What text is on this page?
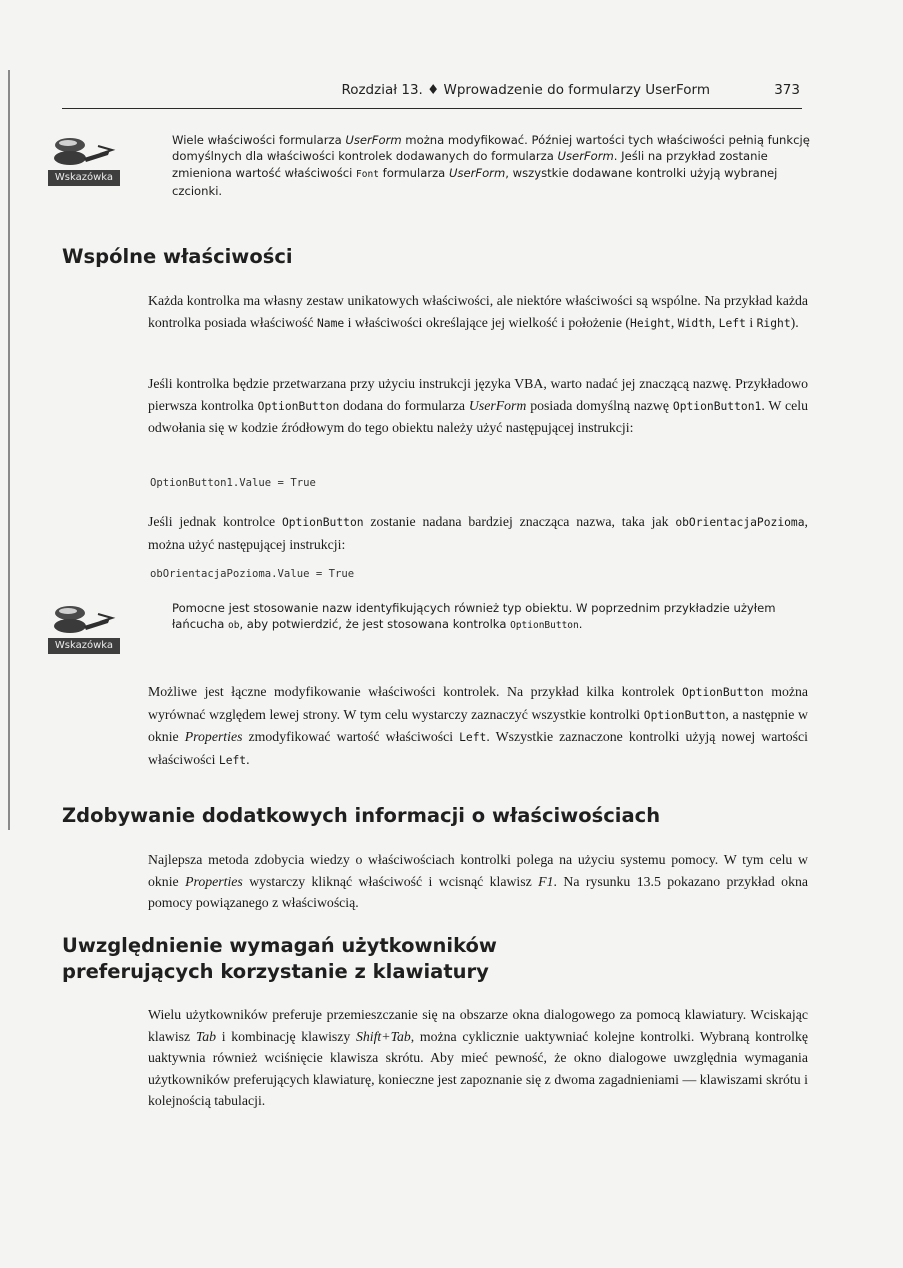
Rozdział 13. ♦ Wprowadzenie do formularzy UserForm	373
Wskazówka

Wiele właściwości formularza UserForm można modyfikować. Później wartości tych właściwości pełnią funkcję domyślnych dla właściwości kontrolek dodawanych do formularza UserForm. Jeśli na przykład zostanie zmieniona wartość właściwości Font formularza UserForm, wszystkie dodawane kontrolki użyją wybranej czcionki.

Wspólne właściwości

Każda kontrolka ma własny zestaw unikatowych właściwości, ale niektóre właściwości są wspólne. Na przykład każda kontrolka posiada właściwość Name i właściwości określające jej wielkość i położenie (Height, Width, Left i Right).

Jeśli kontrolka będzie przetwarzana przy użyciu instrukcji języka VBA, warto nadać jej znaczącą nazwę. Przykładowo pierwsza kontrolka OptionButton dodana do formularza UserForm posiada domyślną nazwę OptionButton1. W celu odwołania się w kodzie źródłowym do tego obiektu należy użyć następującej instrukcji:

OptionButton1.Value = True

Jeśli jednak kontrolce OptionButton zostanie nadana bardziej znacząca nazwa, taka jak obOrientacjaPozioma, można użyć następującej instrukcji:

obOrientacjaPozioma.Value = True
Wskazówka

Pomocne jest stosowanie nazw identyfikujących również typ obiektu. W poprzednim przykładzie użyłem łańcucha ob, aby potwierdzić, że jest stosowana kontrolka OptionButton.

Możliwe jest łączne modyfikowanie właściwości kontrolek. Na przykład kilka kontrolek OptionButton można wyrównać względem lewej strony. W tym celu wystarczy zaznaczyć wszystkie kontrolki OptionButton, a następnie w oknie Properties zmodyfikować wartość właściwości Left. Wszystkie zaznaczone kontrolki użyją nowej wartości właściwości Left.

Zdobywanie dodatkowych informacji o właściwościach

Najlepsza metoda zdobycia wiedzy o właściwościach kontrolki polega na użyciu systemu pomocy. W tym celu w oknie Properties wystarczy kliknąć właściwość i wcisnąć klawisz F1. Na rysunku 13.5 pokazano przykład okna pomocy powiązanego z właściwością.

Uwzględnienie wymagań użytkowników
preferujących korzystanie z klawiatury

Wielu użytkowników preferuje przemieszczanie się na obszarze okna dialogowego za pomocą klawiatury. Wciskając klawisz Tab i kombinację klawiszy Shift+Tab, można cyklicznie uaktywniać kolejne kontrolki. Wybraną kontrolkę uaktywnia również wciśnięcie klawisza skrótu. Aby mieć pewność, że okno dialogowe uwzględnia wymagania użytkowników preferujących klawiaturę, konieczne jest zapoznanie się z dwoma zagadnieniami — klawiszami skrótu i kolejnością tabulacji.
